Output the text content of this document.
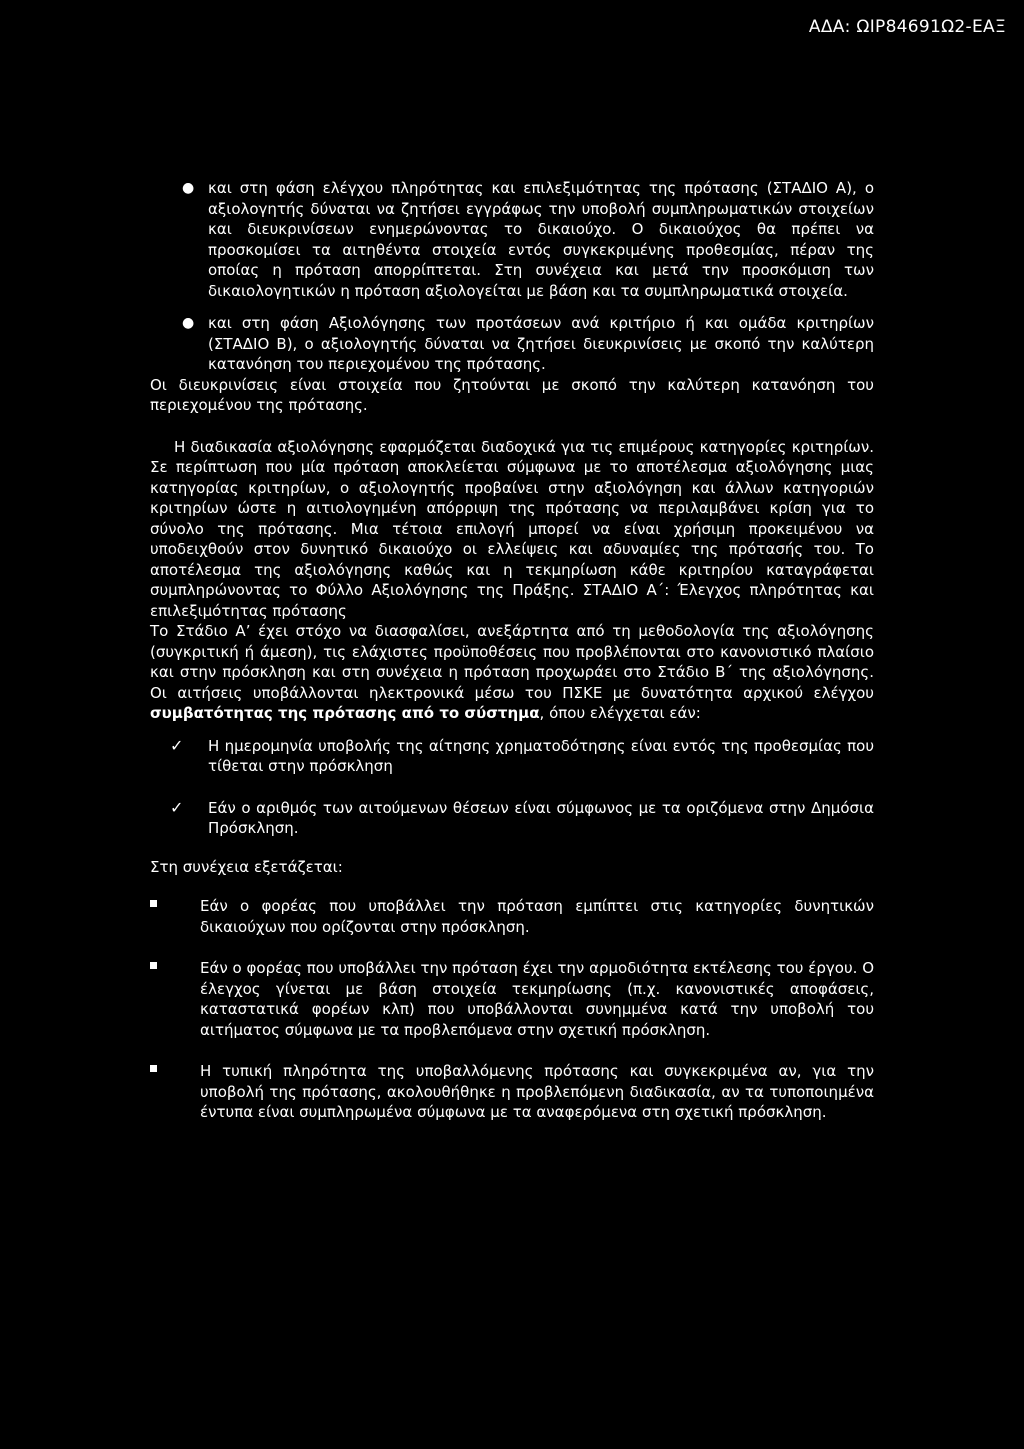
ΑΔΑ: ΩΙΡ84691Ω2-ΕΑΞ
● και στη φάση ελέγχου πληρότητας και επιλεξιμότητας της πρότασης (ΣΤΑΔΙΟ Α), ο αξιολογητής δύναται να ζητήσει εγγράφως την υποβολή συμπληρωματικών στοιχείων και διευκρινίσεων ενημερώνοντας το δικαιούχο. Ο δικαιούχος θα πρέπει να προσκομίσει τα αιτηθέντα στοιχεία εντός συγκεκριμένης προθεσμίας, πέραν της οποίας η πρόταση απορρίπτεται. Στη συνέχεια και μετά την προσκόμιση των δικαιολογητικών η πρόταση αξιολογείται με βάση και τα συμπληρωματικά στοιχεία.
● και στη φάση Αξιολόγησης των προτάσεων ανά κριτήριο ή και ομάδα κριτηρίων (ΣΤΑΔΙΟ Β), ο αξιολογητής δύναται να ζητήσει διευκρινίσεις με σκοπό την καλύτερη κατανόηση του περιεχομένου της πρότασης.

Οι διευκρινίσεις είναι στοιχεία που ζητούνται με σκοπό την καλύτερη κατανόηση του περιεχομένου της πρότασης.

Η διαδικασία αξιολόγησης εφαρμόζεται διαδοχικά για τις επιμέρους κατηγορίες κριτηρίων. Σε περίπτωση που μία πρόταση αποκλείεται σύμφωνα με το αποτέλεσμα αξιολόγησης μιας κατηγορίας κριτηρίων, ο αξιολογητής προβαίνει στην αξιολόγηση και άλλων κατηγοριών κριτηρίων ώστε η αιτιολογημένη απόρριψη της πρότασης να περιλαμβάνει κρίση για το σύνολο της πρότασης. Μια τέτοια επιλογή μπορεί να είναι χρήσιμη προκειμένου να υποδειχθούν στον δυνητικό δικαιούχο οι ελλείψεις και αδυναμίες της πρότασής του. Το αποτέλεσμα της αξιολόγησης καθώς και η τεκμηρίωση κάθε κριτηρίου καταγράφεται συμπληρώνοντας το Φύλλο Αξιολόγησης της Πράξης. ΣΤΑΔΙΟ Α΄: Έλεγχος πληρότητας και επιλεξιμότητας πρότασης

Το Στάδιο Α’ έχει στόχο να διασφαλίσει, ανεξάρτητα από τη μεθοδολογία της αξιολόγησης (συγκριτική ή άμεση), τις ελάχιστες προϋποθέσεις που προβλέπονται στο κανονιστικό πλαίσιο και στην πρόσκληση και στη συνέχεια η πρόταση προχωράει στο Στάδιο Β΄ της αξιολόγησης. Οι αιτήσεις υποβάλλονται ηλεκτρονικά μέσω του ΠΣΚΕ με δυνατότητα αρχικού ελέγχου συμβατότητας της πρότασης από το σύστημα, όπου ελέγχεται εάν:

✓ Η ημερομηνία υποβολής της αίτησης χρηματοδότησης είναι εντός της προθεσμίας που τίθεται στην πρόσκληση
✓ Εάν ο αριθμός των αιτούμενων θέσεων είναι σύμφωνος με τα οριζόμενα στην Δημόσια Πρόσκληση.

Στη συνέχεια εξετάζεται:

Εάν ο φορέας που υποβάλλει την πρόταση εμπίπτει στις κατηγορίες δυνητικών δικαιούχων που ορίζονται στην πρόσκληση.
Εάν ο φορέας που υποβάλλει την πρόταση έχει την αρμοδιότητα εκτέλεσης του έργου. Ο έλεγχος γίνεται με βάση στοιχεία τεκμηρίωσης (π.χ. κανονιστικές αποφάσεις, καταστατικά φορέων κλπ) που υποβάλλονται συνημμένα κατά την υποβολή του αιτήματος σύμφωνα με τα προβλεπόμενα στην σχετική πρόσκληση.
Η τυπική πληρότητα της υποβαλλόμενης πρότασης και συγκεκριμένα αν, για την υποβολή της πρότασης, ακολουθήθηκε η προβλεπόμενη διαδικασία, αν τα τυποποιημένα έντυπα είναι συμπληρωμένα σύμφωνα με τα αναφερόμενα στη σχετική πρόσκληση.
